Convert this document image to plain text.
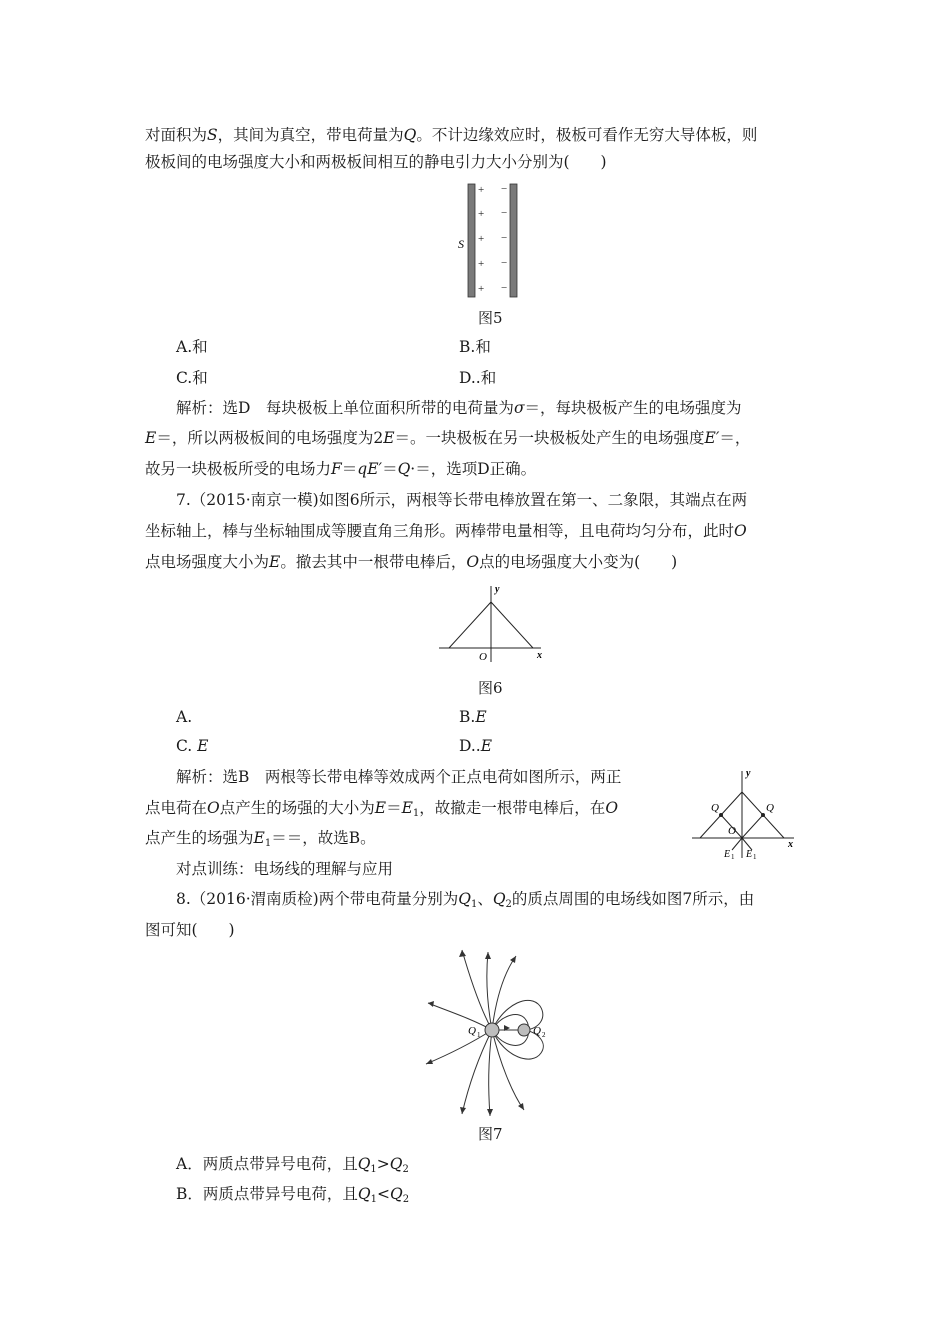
对面积为S，其间为真空，带电荷量为Q。不计边缘效应时，极板可看作无穷大导体板，则
极板间的电场强度大小和两极板间相互的静电引力大小分别为(　　)
+
+
+
+
+
−
−
−
−
−
S
图5
A.和	B.和
C.和	D..和
解析：选D　每块极板上单位面积所带的电荷量为σ＝，每块极板产生的电场强度为
E＝，所以两极板间的电场强度为2E＝。一块极板在另一块极板处产生的电场强度E′＝，
故另一块极板所受的电场力F＝qE′＝Q·＝，选项D正确。
7.（2015·南京一模)如图6所示，两根等长带电棒放置在第一、二象限，其端点在两
坐标轴上，棒与坐标轴围成等腰直角三角形。两棒带电量相等，且电荷均匀分布，此时O
点电场强度大小为E。撤去其中一根带电棒后，O点的电场强度大小变为(　　)
y
x
O
图6
A.	B.E
C. E	D..E
解析：选B　两根等长带电棒等效成两个正点电荷如图所示，两正
点电荷在O点产生的场强的大小为$E=E_1$，故撤走一根带电棒后，在O
点产生的场强为$E_1==$，故选B。
y
x
O
Q	Q
E 1 E 1
对点训练：电场线的理解与应用
8.（2016·渭南质检)两个带电荷量分别为$Q_1$、$Q_2$的质点周围的电场线如图7所示，由
图可知(　　)
Q 1	Q 2
图7
A．两质点带异号电荷，且$Q_1>Q_2$
B．两质点带异号电荷，且$Q_1<Q_2$
